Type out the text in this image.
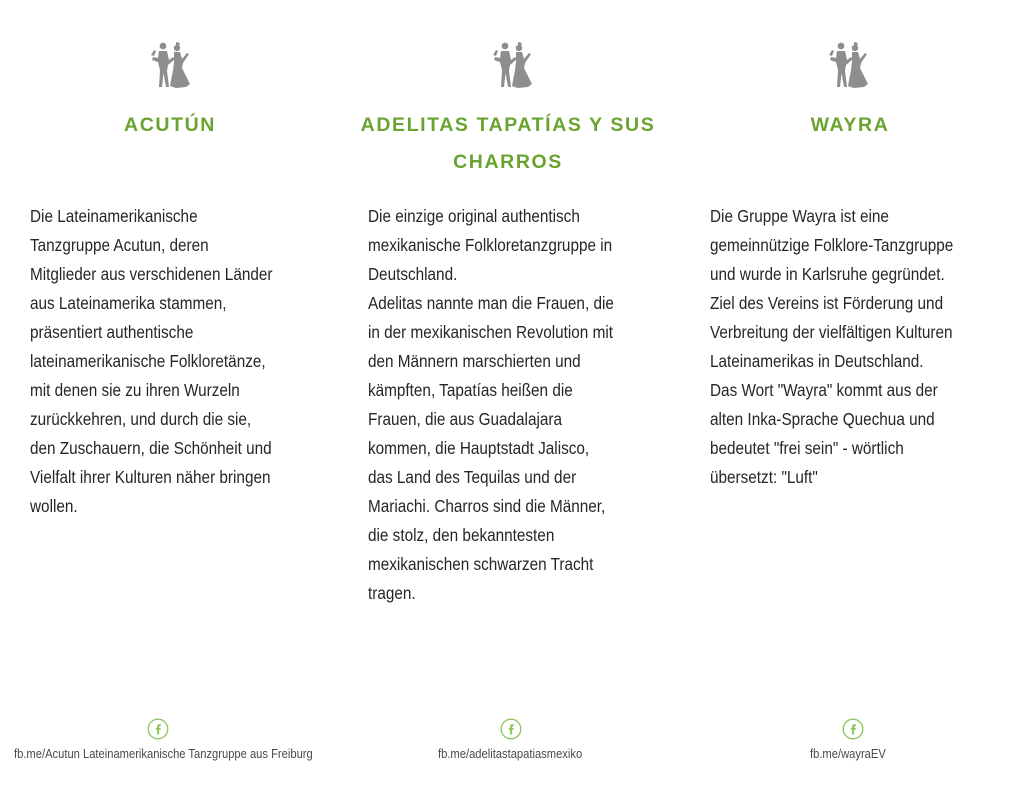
ACUTÚN

Die Lateinamerikanische
Tanzgruppe Acutun, deren
Mitglieder aus verschidenen Länder
aus Lateinamerika stammen,
präsentiert authentische
lateinamerikanische Folkloretänze,
mit denen sie zu ihren Wurzeln
zurückkehren, und durch die sie,
den Zuschauern, die Schönheit und
Vielfalt ihrer Kulturen näher bringen
wollen.

fb.me/Acutun Lateinamerikanische Tanzgruppe aus Freiburg
ADELITAS TAPATÍAS Y SUS CHARROS

Die einzige original authentisch
mexikanische Folkloretanzgruppe in
Deutschland.
Adelitas nannte man die Frauen, die
in der mexikanischen Revolution mit
den Männern marschierten und
kämpften, Tapatías heißen die
Frauen, die aus Guadalajara
kommen, die Hauptstadt Jalisco,
das Land des Tequilas und der
Mariachi. Charros sind die Männer,
die stolz, den bekanntesten
mexikanischen schwarzen Tracht
tragen.

fb.me/adelitastapatiasmexiko
WAYRA

Die Gruppe Wayra ist eine
gemeinnützige Folklore-Tanzgruppe
und wurde in Karlsruhe gegründet.
Ziel des Vereins ist Förderung und
Verbreitung der vielfältigen Kulturen
Lateinamerikas in Deutschland.
Das Wort "Wayra" kommt aus der
alten Inka-Sprache Quechua und
bedeutet "frei sein" - wörtlich
übersetzt: "Luft"

fb.me/wayraEV
